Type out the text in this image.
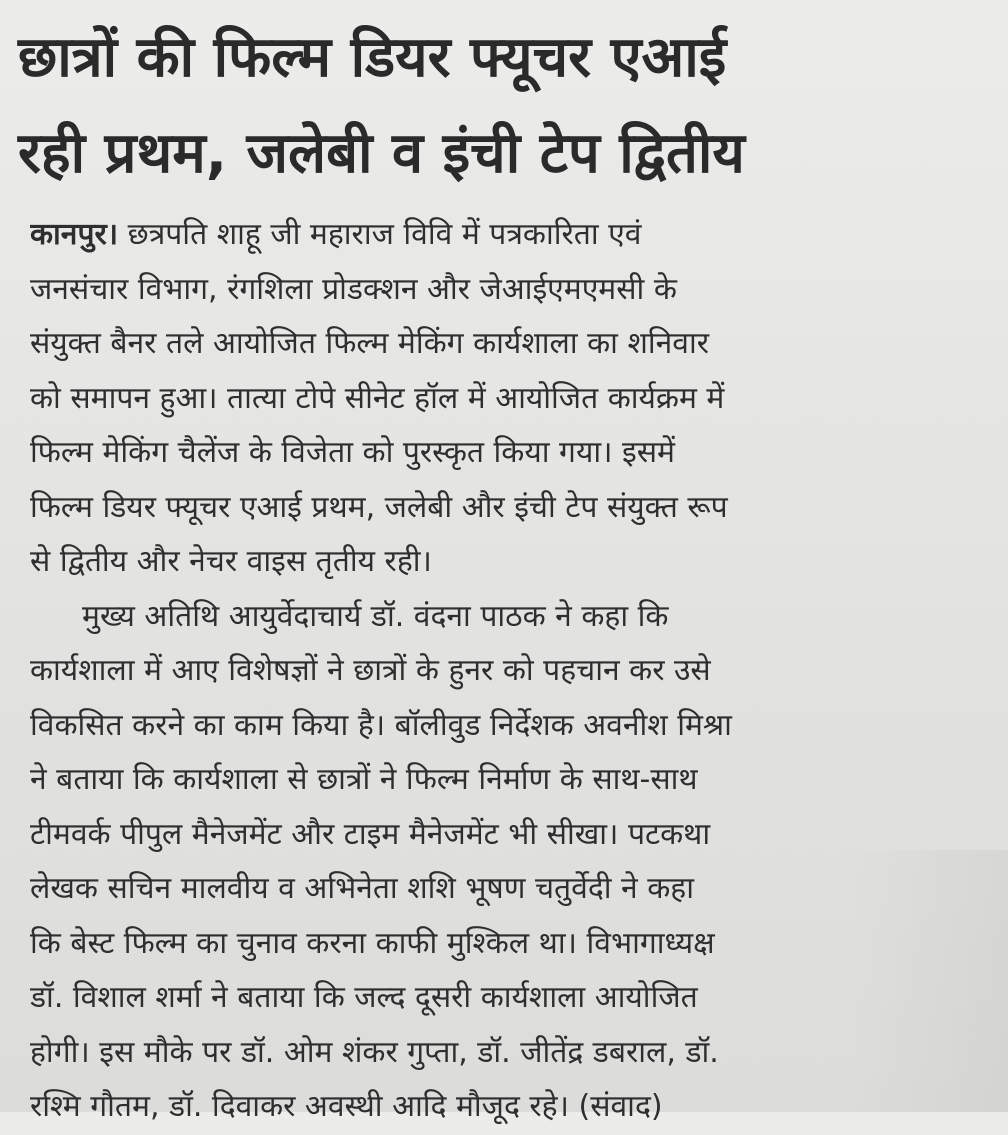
छात्रों की फिल्म डियर फ्यूचर एआई
रही प्रथम, जलेबी व इंची टेप द्वितीय
कानपुर। छत्रपति शाहू जी महाराज विवि में पत्रकारिता एवं
जनसंचार विभाग, रंगशिला प्रोडक्शन और जेआईएमएमसी के
संयुक्त बैनर तले आयोजित फिल्म मेकिंग कार्यशाला का शनिवार
को समापन हुआ। तात्या टोपे सीनेट हॉल में आयोजित कार्यक्रम में
फिल्म मेकिंग चैलेंज के विजेता को पुरस्कृत किया गया। इसमें
फिल्म डियर फ्यूचर एआई प्रथम, जलेबी और इंची टेप संयुक्त रूप
से द्वितीय और नेचर वाइस तृतीय रही।
मुख्य अतिथि आयुर्वेदाचार्य डॉ. वंदना पाठक ने कहा कि
कार्यशाला में आए विशेषज्ञों ने छात्रों के हुनर को पहचान कर उसे
विकसित करने का काम किया है। बॉलीवुड निर्देशक अवनीश मिश्रा
ने बताया कि कार्यशाला से छात्रों ने फिल्म निर्माण के साथ-साथ
टीमवर्क पीपुल मैनेजमेंट और टाइम मैनेजमेंट भी सीखा। पटकथा
लेखक सचिन मालवीय व अभिनेता शशि भूषण चतुर्वेदी ने कहा
कि बेस्ट फिल्म का चुनाव करना काफी मुश्किल था। विभागाध्यक्ष
डॉ. विशाल शर्मा ने बताया कि जल्द दूसरी कार्यशाला आयोजित
होगी। इस मौके पर डॉ. ओम शंकर गुप्ता, डॉ. जीतेंद्र डबराल, डॉ.
रश्मि गौतम, डॉ. दिवाकर अवस्थी आदि मौजूद रहे। (संवाद)
